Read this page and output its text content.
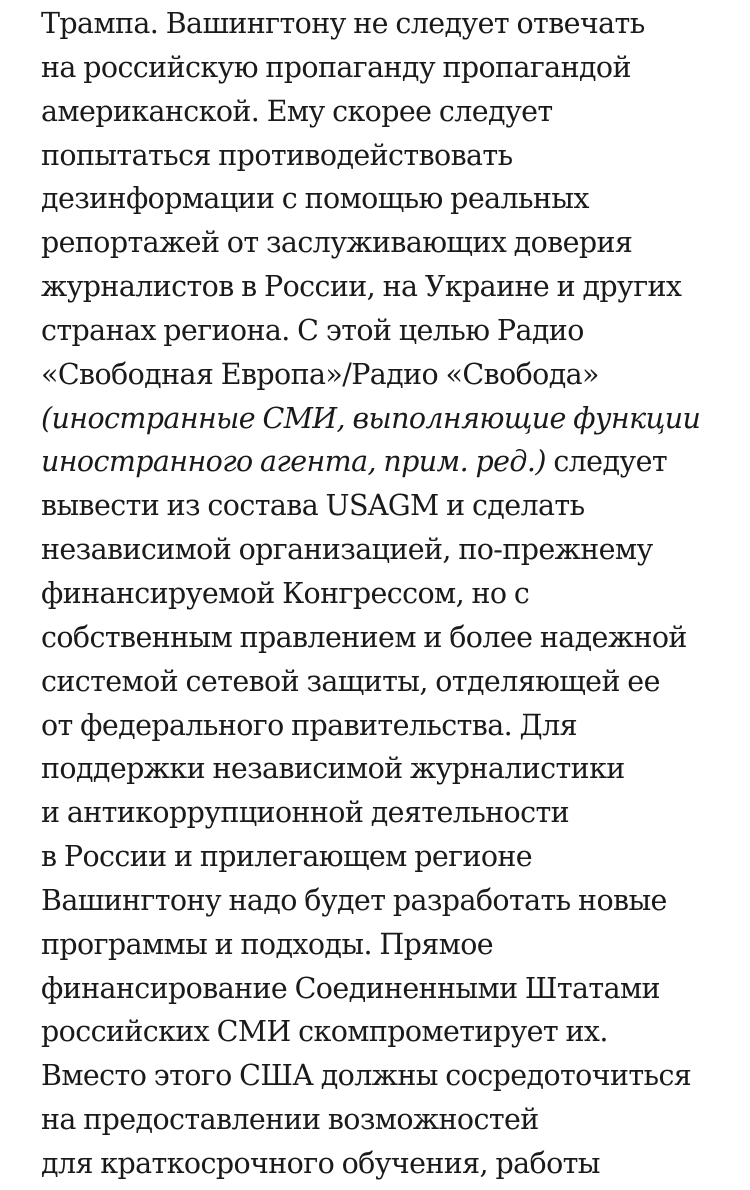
Трампа. Вашингтону не следует отвечать
на российскую пропаганду пропагандой
американской. Ему скорее следует
попытаться противодействовать
дезинформации с помощью реальных
репортажей от заслуживающих доверия
журналистов в России, на Украине и других
странах региона. С этой целью Радио
«Свободная Европа»/Радио «Свобода»
(иностранные СМИ, выполняющие функции
иностранного агента, прим. ред.) следует
вывести из состава USAGM и сделать
независимой организацией, по-прежнему
финансируемой Конгрессом, но с
собственным правлением и более надежной
системой сетевой защиты, отделяющей ее
от федерального правительства. Для
поддержки независимой журналистики
и антикоррупционной деятельности
в России и прилегающем регионе
Вашингтону надо будет разработать новые
программы и подходы. Прямое
финансирование Соединенными Штатами
российских СМИ скомпрометирует их.
Вместо этого США должны сосредоточиться
на предоставлении возможностей
для краткосрочного обучения, работы
